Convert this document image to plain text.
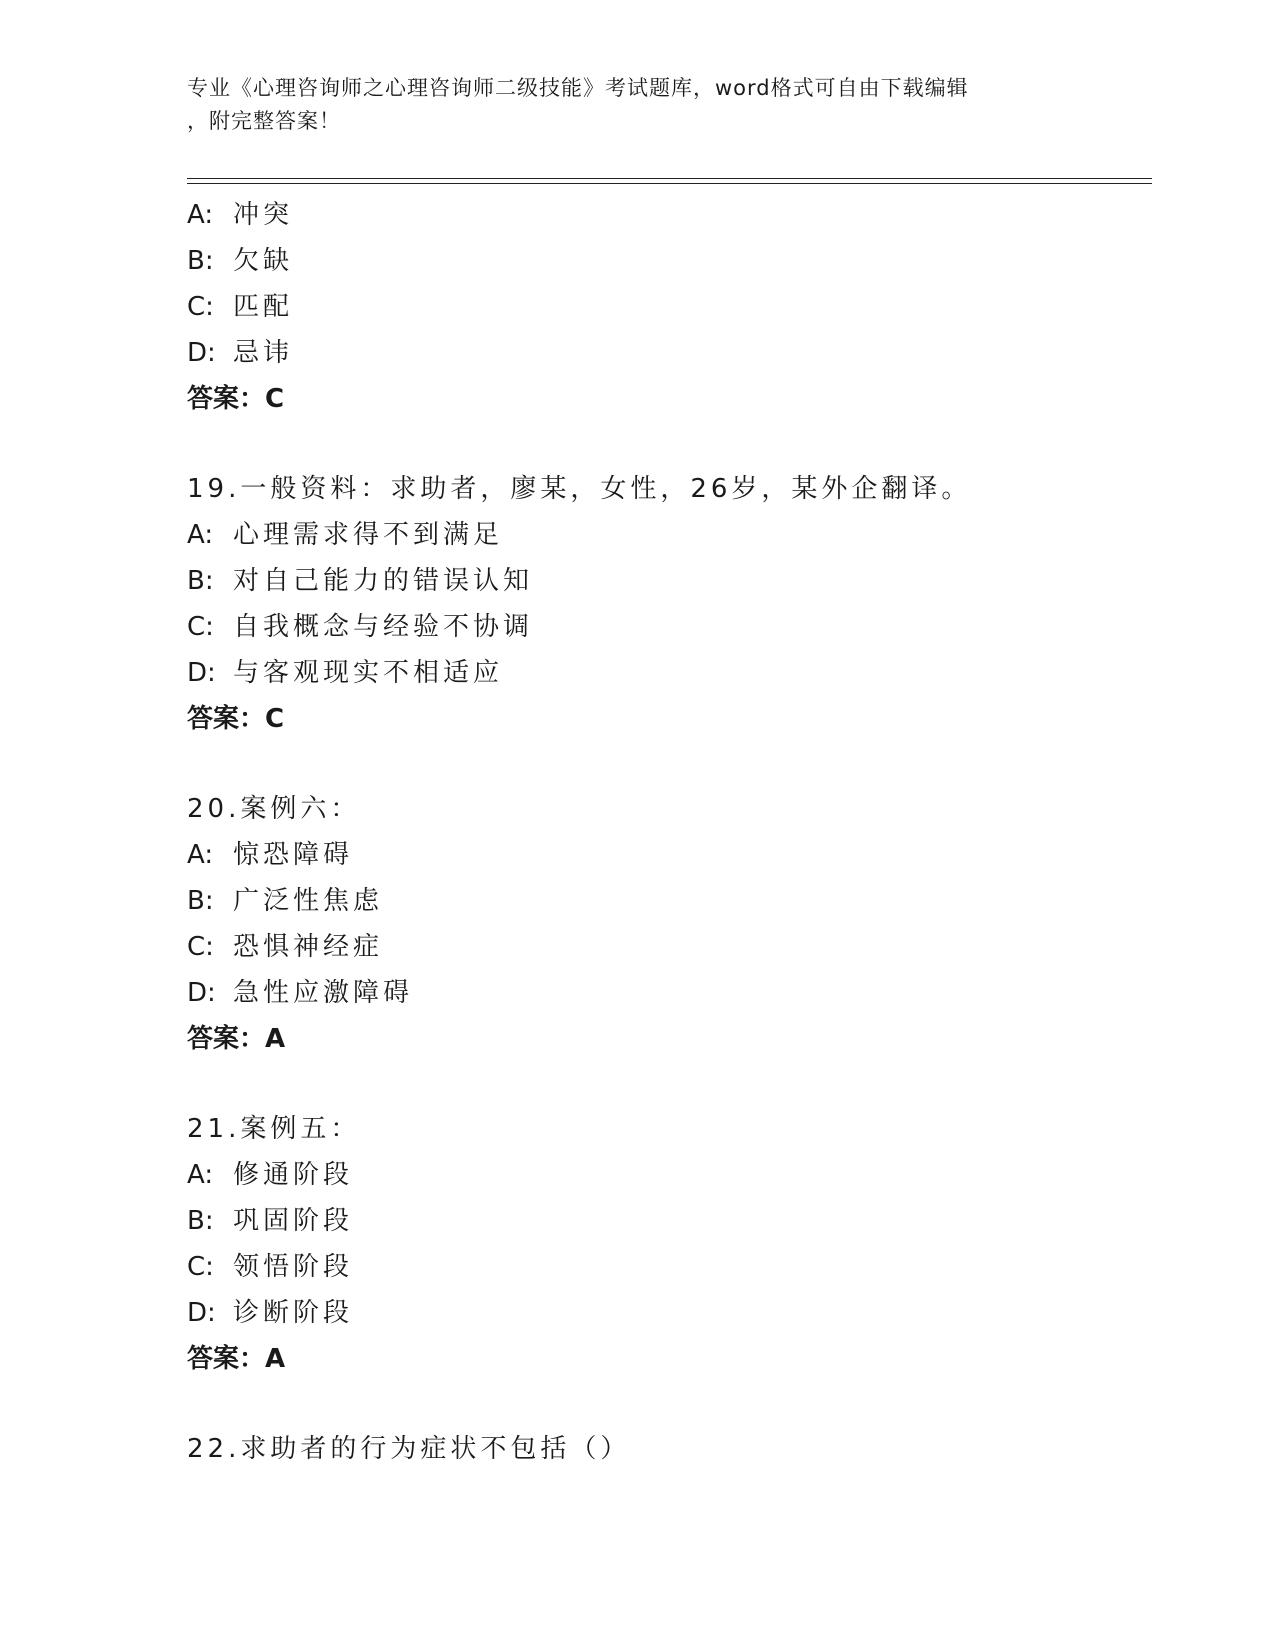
专业《心理咨询师之心理咨询师二级技能》考试题库，word格式可自由下载编辑
，附完整答案！
A: 冲突
B: 欠缺
C: 匹配
D: 忌讳
答案：C
19.一般资料：求助者，廖某，女性，26岁，某外企翻译。
A: 心理需求得不到满足
B: 对自己能力的错误认知
C: 自我概念与经验不协调
D: 与客观现实不相适应
答案：C
20.案例六：
A: 惊恐障碍
B: 广泛性焦虑
C: 恐惧神经症
D: 急性应激障碍
答案：A
21.案例五：
A: 修通阶段
B: 巩固阶段
C: 领悟阶段
D: 诊断阶段
答案：A
22.求助者的行为症状不包括（）
